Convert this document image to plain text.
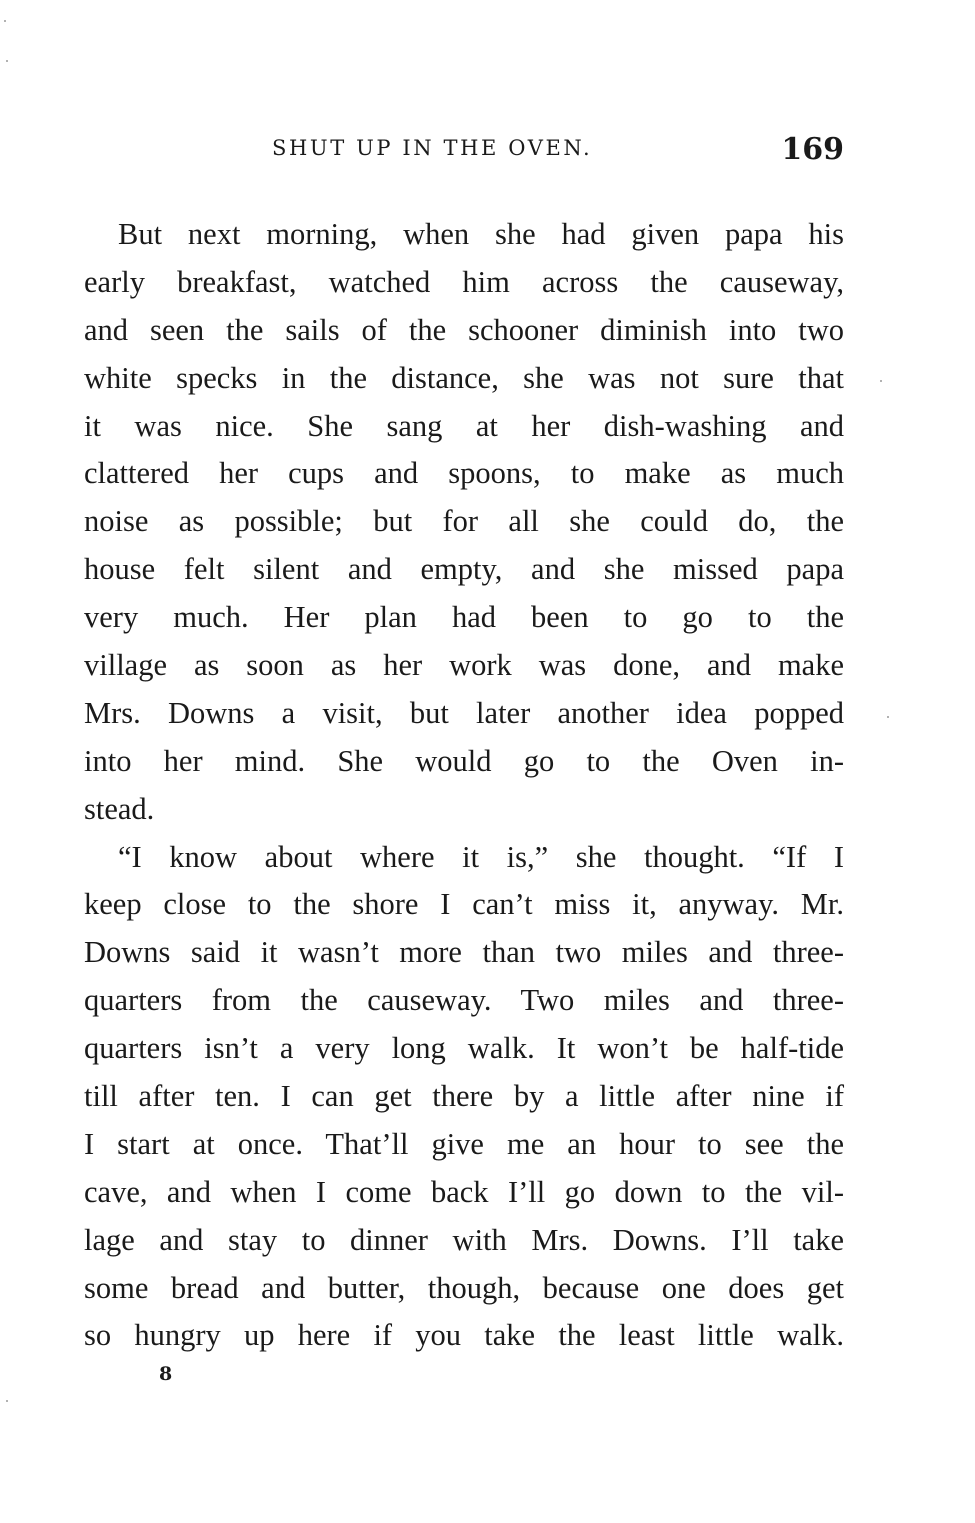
SHUT UP IN THE OVEN.	169
But next morning, when she had given papa his
early breakfast, watched him across the causeway,
and seen the sails of the schooner diminish into two
white specks in the distance, she was not sure that
it was nice. She sang at her dish-washing and
clattered her cups and spoons, to make as much
noise as possible; but for all she could do, the
house felt silent and empty, and she missed papa
very much. Her plan had been to go to the
village as soon as her work was done, and make
Mrs. Downs a visit, but later another idea popped
into her mind. She would go to the Oven in-
stead.
“I know about where it is,” she thought. “If I
keep close to the shore I can’t miss it, anyway. Mr.
Downs said it wasn’t more than two miles and three-
quarters from the causeway. Two miles and three-
quarters isn’t a very long walk. It won’t be half-tide
till after ten. I can get there by a little after nine if
I start at once. That’ll give me an hour to see the
cave, and when I come back I’ll go down to the vil-
lage and stay to dinner with Mrs. Downs. I’ll take
some bread and butter, though, because one does get
so hungry up here if you take the least little walk.
8
